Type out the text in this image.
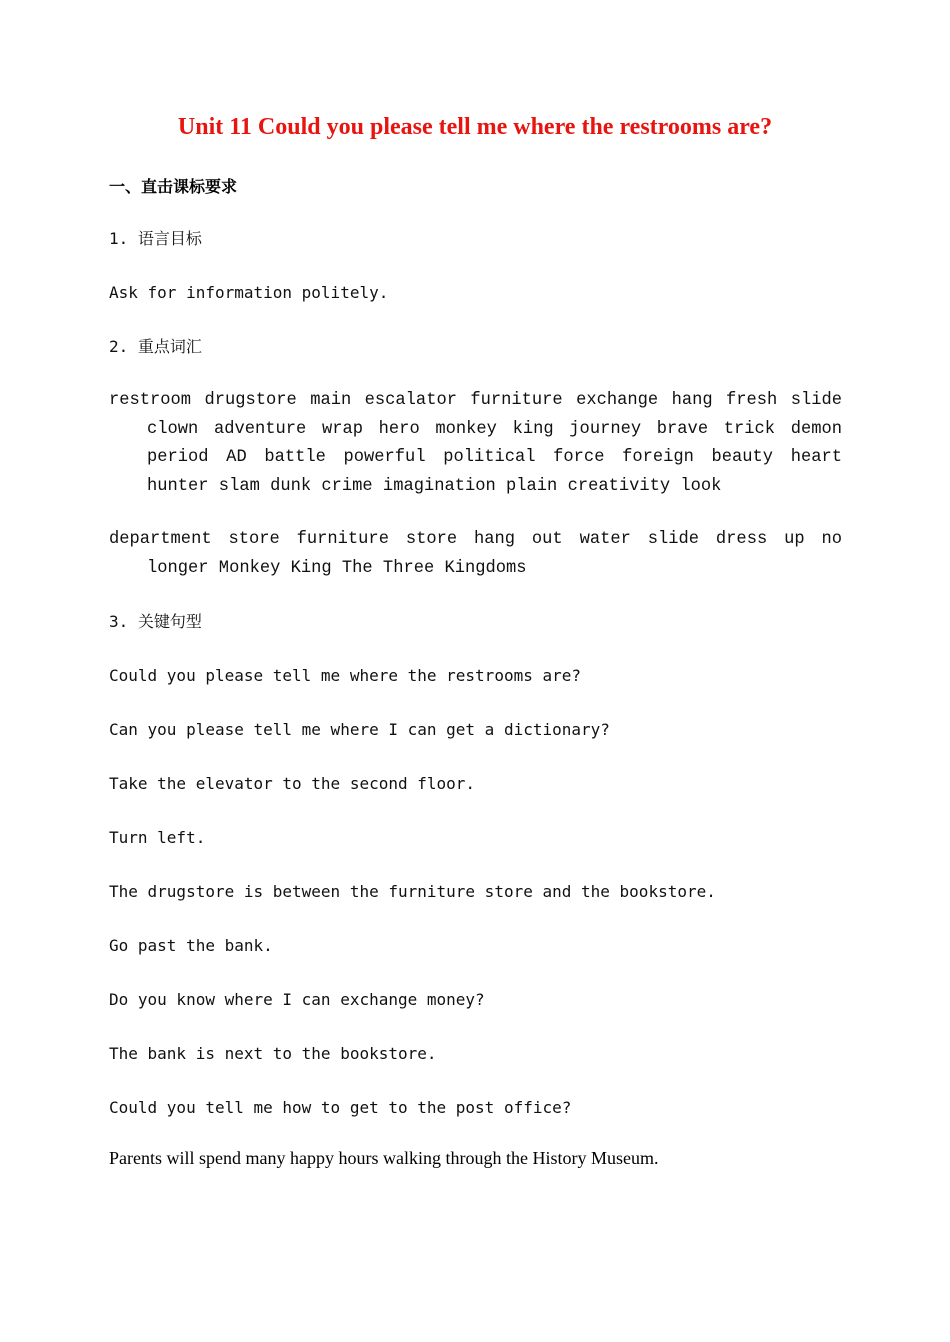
Unit 11 Could you please tell me where the restrooms are?
一、直击课标要求
1. 语言目标
Ask for information politely.
2. 重点词汇

restroom drugstore main escalator furniture exchange hang fresh slide clown adventure wrap hero monkey king journey brave trick demon period AD battle powerful political force foreign beauty heart hunter slam dunk crime imagination plain creativity look

department store furniture store hang out water slide dress up no longer Monkey King The Three Kingdoms

3. 关键句型
Could you please tell me where the restrooms are?
Can you please tell me where I can get a dictionary?
Take the elevator to the second floor.
Turn left.
The drugstore is between the furniture store and the bookstore.
Go past the bank.
Do you know where I can exchange money?
The bank is next to the bookstore.
Could you tell me how to get to the post office?
Parents will spend many happy hours walking through the History Museum.
